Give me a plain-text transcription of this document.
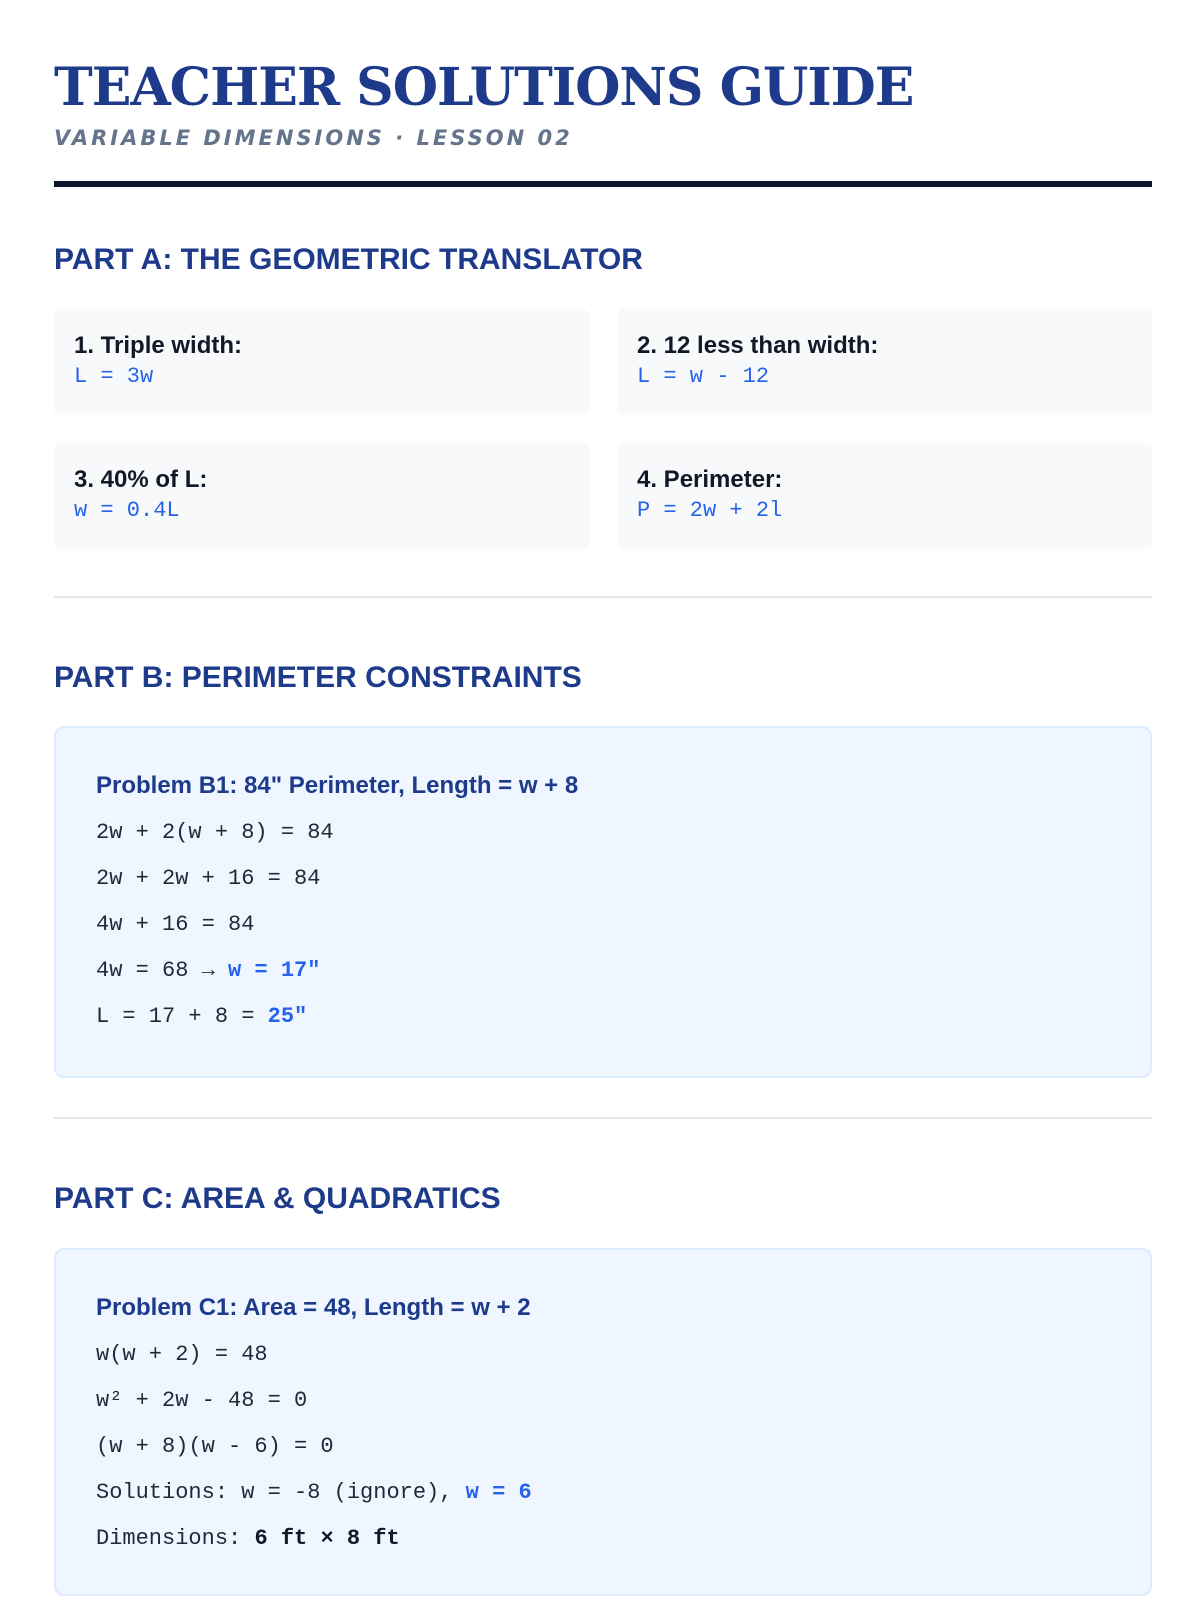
TEACHER SOLUTIONS GUIDE
VARIABLE DIMENSIONS · LESSON 02
PART A: THE GEOMETRIC TRANSLATOR
1. Triple width:
L = 3w
2. 12 less than width:
L = w - 12
3. 40% of L:
w = 0.4L
4. Perimeter:
P = 2w + 2l
PART B: PERIMETER CONSTRAINTS
Problem B1: 84" Perimeter, Length = w + 8
2w + 2(w + 8) = 84
2w + 2w + 16 = 84
4w + 16 = 84
4w = 68 → w = 17"
L = 17 + 8 = 25"
PART C: AREA & QUADRATICS
Problem C1: Area = 48, Length = w + 2
w(w + 2) = 48
w² + 2w - 48 = 0
(w + 8)(w - 6) = 0
Solutions: w = -8 (ignore), w = 6
Dimensions: 6 ft × 8 ft
